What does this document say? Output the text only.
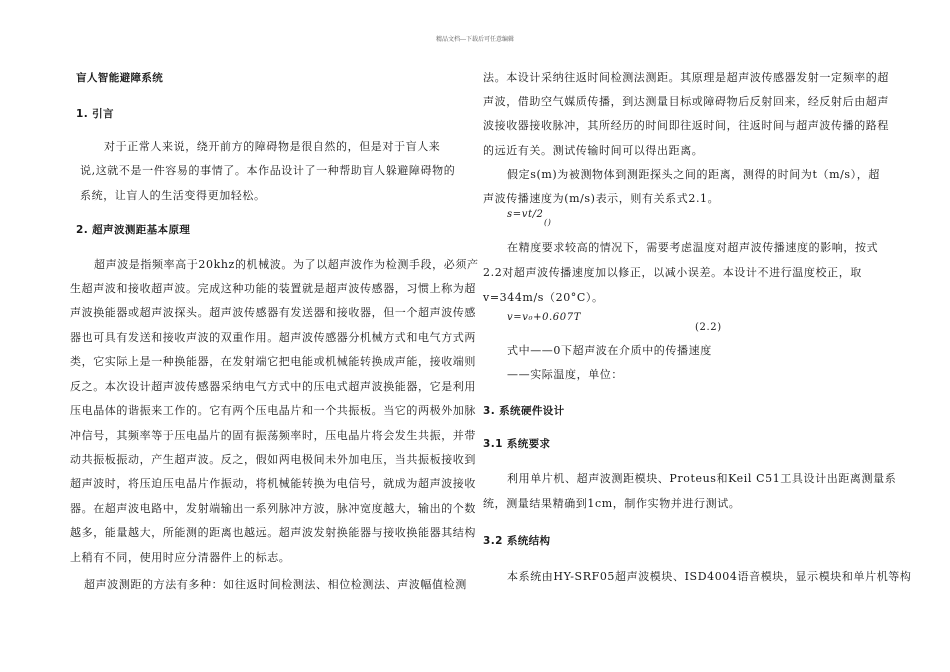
精品文档---下载后可任意编辑
盲人智能避障系统
1. 引言
对于正常人来说，绕开前方的障碍物是很自然的，但是对于盲人来
说,这就不是一件容易的事情了。本作品设计了一种帮助盲人躲避障碍物的
系统，让盲人的生活变得更加轻松。
2. 超声波测距基本原理
超声波是指频率高于20khz的机械波。为了以超声波作为检测手段，必须产
生超声波和接收超声波。完成这种功能的装置就是超声波传感器，习惯上称为超
声波换能器或超声波探头。超声波传感器有发送器和接收器，但一个超声波传感
器也可具有发送和接收声波的双重作用。超声波传感器分机械方式和电气方式两
类，它实际上是一种换能器，在发射端它把电能或机械能转换成声能，接收端则
反之。本次设计超声波传感器采纳电气方式中的压电式超声波换能器，它是利用
压电晶体的谐振来工作的。它有两个压电晶片和一个共振板。当它的两极外加脉
冲信号，其频率等于压电晶片的固有振荡频率时，压电晶片将会发生共振，并带
动共振板振动，产生超声波。反之，假如两电极间未外加电压，当共振板接收到
超声波时，将压迫压电晶片作振动，将机械能转换为电信号，就成为超声波接收
器。在超声波电路中，发射端输出一系列脉冲方波，脉冲宽度越大，输出的个数
越多，能量越大，所能测的距离也越远。超声波发射换能器与接收换能器其结构
上稍有不同，使用时应分清器件上的标志。
超声波测距的方法有多种：如往返时间检测法、相位检测法、声波幅值检测
法。本设计采纳往返时间检测法测距。其原理是超声波传感器发射一定频率的超
声波，借助空气媒质传播，到达测量目标或障碍物后反射回来，经反射后由超声
波接收器接收脉冲，其所经历的时间即往返时间，往返时间与超声波传播的路程
的远近有关。测试传输时间可以得出距离。
假定s(m)为被测物体到测距探头之间的距离，测得的时间为t（m/s），超
声波传播速度为(m/s)表示，则有关系式2.1。
s=vt/2
()
在精度要求较高的情况下，需要考虑温度对超声波传播速度的影响，按式
2.2对超声波传播速度加以修正，以减小误差。本设计不进行温度校正，取
v=344m/s（20°C）。
v=v₀+0.607T
(2.2)
式中——0下超声波在介质中的传播速度
——实际温度，单位：
3. 系统硬件设计
3.1 系统要求
利用单片机、超声波测距模块、Proteus和Keil C51工具设计出距离测量系
统，测量结果精确到1cm，制作实物并进行测试。
3.2 系统结构
本系统由HY-SRF05超声波模块、ISD4004语音模块，显示模块和单片机等构
